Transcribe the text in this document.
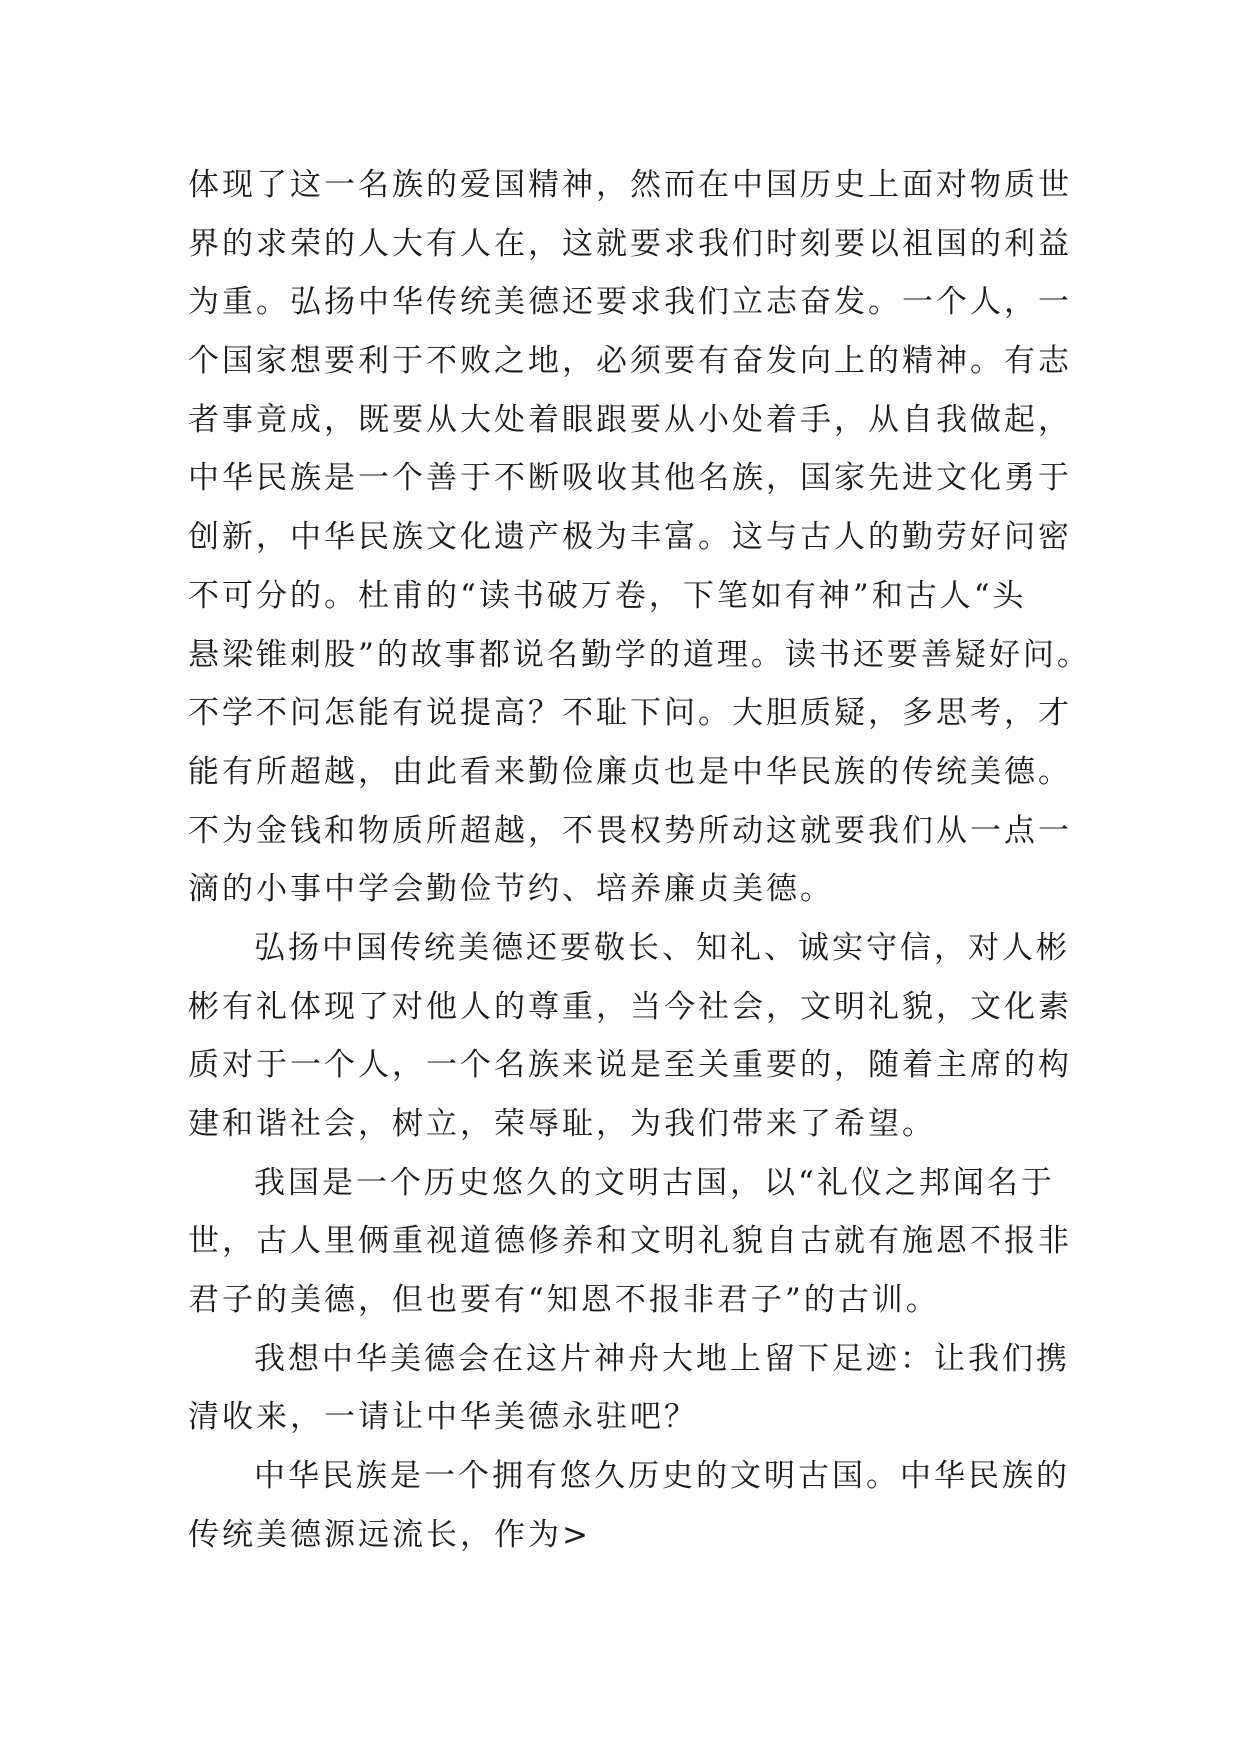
体现了这一名族的爱国精神，然而在中国历史上面对物质世
界的求荣的人大有人在，这就要求我们时刻要以祖国的利益
为重。弘扬中华传统美德还要求我们立志奋发。一个人，一
个国家想要利于不败之地，必须要有奋发向上的精神。有志
者事竟成，既要从大处着眼跟要从小处着手，从自我做起，
中华民族是一个善于不断吸收其他名族，国家先进文化勇于
创新，中华民族文化遗产极为丰富。这与古人的勤劳好问密
不可分的。杜甫的“读书破万卷，下笔如有神”和古人“头
悬梁锥刺股”的故事都说名勤学的道理。读书还要善疑好问。
不学不问怎能有说提高？不耻下问。大胆质疑，多思考，才
能有所超越，由此看来勤俭廉贞也是中华民族的传统美德。
不为金钱和物质所超越，不畏权势所动这就要我们从一点一
滴的小事中学会勤俭节约、培养廉贞美德。
弘扬中国传统美德还要敬长、知礼、诚实守信，对人彬
彬有礼体现了对他人的尊重，当今社会，文明礼貌，文化素
质对于一个人，一个名族来说是至关重要的，随着主席的构
建和谐社会，树立，荣辱耻，为我们带来了希望。
我国是一个历史悠久的文明古国，以“礼仪之邦闻名于
世，古人里俩重视道德修养和文明礼貌自古就有施恩不报非
君子的美德，但也要有“知恩不报非君子”的古训。
我想中华美德会在这片神舟大地上留下足迹：让我们携
清收来，一请让中华美德永驻吧？
中华民族是一个拥有悠久历史的文明古国。中华民族的
传统美德源远流长，作为>
